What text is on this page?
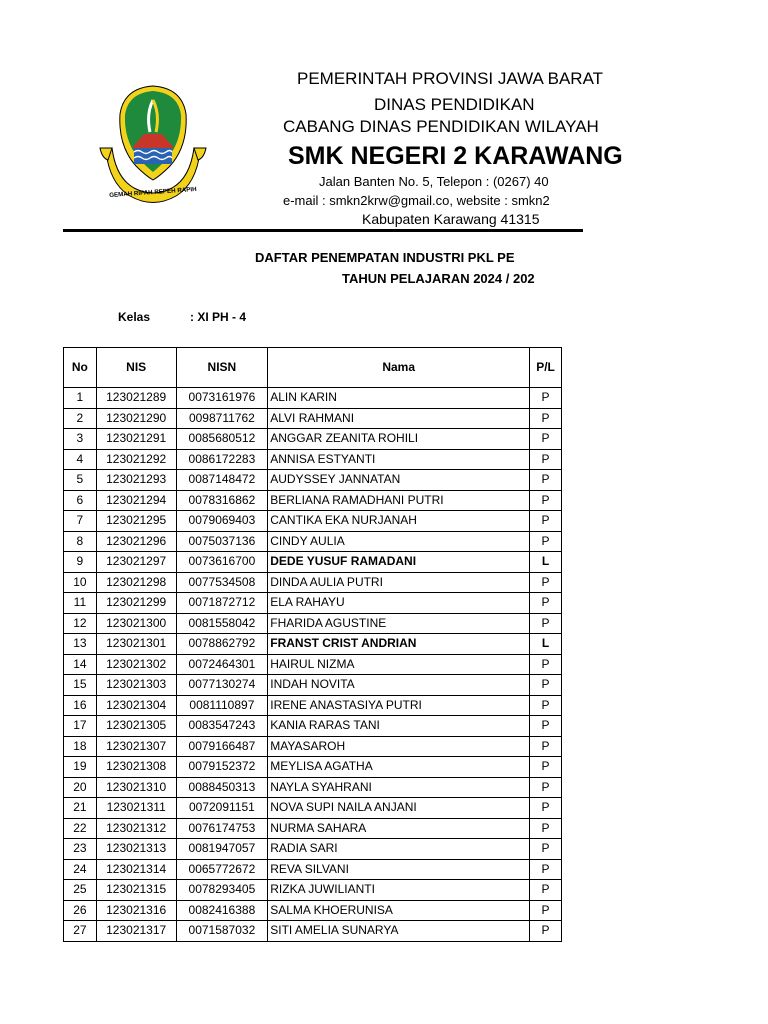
GEMAH RIPAH REPEH RAPIH
PEMERINTAH PROVINSI JAWA BARAT
DINAS PENDIDIKAN
CABANG DINAS PENDIDIKAN WILAYAH
SMK NEGERI 2 KARAWANG
Jalan Banten No. 5, Telepon : (0267) 40
e-mail : smkn2krw@gmail.co, website : smkn2
Kabupaten Karawang 41315
DAFTAR PENEMPATAN INDUSTRI PKL PE
TAHUN PELAJARAN 2024 / 202
Kelas	: XI PH - 4
No	NIS	NISN	Nama	P/L
1	123021289	0073161976	ALIN KARIN	P
2	123021290	0098711762	ALVI RAHMANI	P
3	123021291	0085680512	ANGGAR ZEANITA ROHILI	P
4	123021292	0086172283	ANNISA ESTYANTI	P
5	123021293	0087148472	AUDYSSEY JANNATAN	P
6	123021294	0078316862	BERLIANA RAMADHANI PUTRI	P
7	123021295	0079069403	CANTIKA EKA NURJANAH	P
8	123021296	0075037136	CINDY AULIA	P
9	123021297	0073616700	DEDE YUSUF RAMADANI	L
10	123021298	0077534508	DINDA AULIA PUTRI	P
11	123021299	0071872712	ELA RAHAYU	P
12	123021300	0081558042	FHARIDA AGUSTINE	P
13	123021301	0078862792	FRANST CRIST ANDRIAN	L
14	123021302	0072464301	HAIRUL NIZMA	P
15	123021303	0077130274	INDAH NOVITA	P
16	123021304	0081110897	IRENE ANASTASIYA PUTRI	P
17	123021305	0083547243	KANIA RARAS TANI	P
18	123021307	0079166487	MAYASAROH	P
19	123021308	0079152372	MEYLISA AGATHA	P
20	123021310	0088450313	NAYLA SYAHRANI	P
21	123021311	0072091151	NOVA SUPI NAILA ANJANI	P
22	123021312	0076174753	NURMA SAHARA	P
23	123021313	0081947057	RADIA SARI	P
24	123021314	0065772672	REVA SILVANI	P
25	123021315	0078293405	RIZKA JUWILIANTI	P
26	123021316	0082416388	SALMA KHOERUNISA	P
27	123021317	0071587032	SITI AMELIA SUNARYA	P
